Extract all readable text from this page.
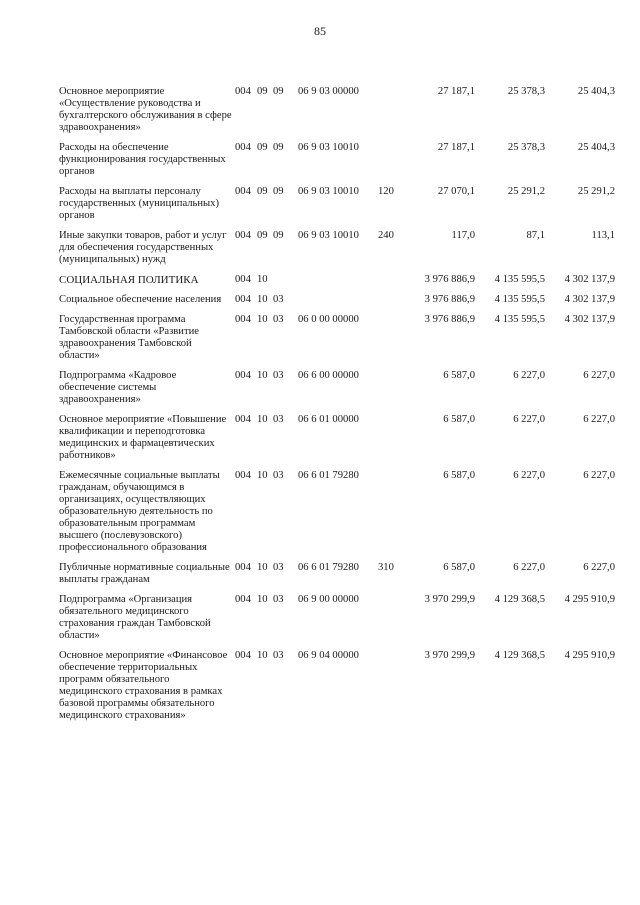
85
Основное мероприятие «Осуществление руководства и бухгалтерского обслуживания в сфере здравоохранения»	004	09	09	06 9 03 00000		27 187,1	25 378,3	25 404,3
Расходы на обеспечение функционирования государственных органов	004	09	09	06 9 03 10010		27 187,1	25 378,3	25 404,3
Расходы на выплаты персоналу государственных (муниципальных) органов	004	09	09	06 9 03 10010	120	27 070,1	25 291,2	25 291,2
Иные закупки товаров, работ и услуг для обеспечения государственных (муниципальных) нужд	004	09	09	06 9 03 10010	240	117,0	87,1	113,1
СОЦИАЛЬНАЯ ПОЛИТИКА	004	10				3 976 886,9	4 135 595,5	4 302 137,9
Социальное обеспечение населения	004	10	03			3 976 886,9	4 135 595,5	4 302 137,9
Государственная программа Тамбовской области «Развитие здравоохранения Тамбовской области»	004	10	03	06 0 00 00000		3 976 886,9	4 135 595,5	4 302 137,9
Подпрограмма «Кадровое обеспечение системы здравоохранения»	004	10	03	06 6 00 00000		6 587,0	6 227,0	6 227,0
Основное мероприятие «Повышение квалификации и переподготовка медицинских и фармацевтических работников»	004	10	03	06 6 01 00000		6 587,0	6 227,0	6 227,0
Ежемесячные социальные выплаты гражданам, обучающимся в организациях, осуществляющих образовательную деятельность по образовательным программам высшего (послевузовского) профессионального образования	004	10	03	06 6 01 79280		6 587,0	6 227,0	6 227,0
Публичные нормативные социальные выплаты гражданам	004	10	03	06 6 01 79280	310	6 587,0	6 227,0	6 227,0
Подпрограмма «Организация обязательного медицинского страхования граждан Тамбовской области»	004	10	03	06 9 00 00000		3 970 299,9	4 129 368,5	4 295 910,9
Основное мероприятие «Финансовое обеспечение территориальных программ обязательного медицинского страхования в рамках базовой программы обязательного медицинского страхования»	004	10	03	06 9 04 00000		3 970 299,9	4 129 368,5	4 295 910,9
